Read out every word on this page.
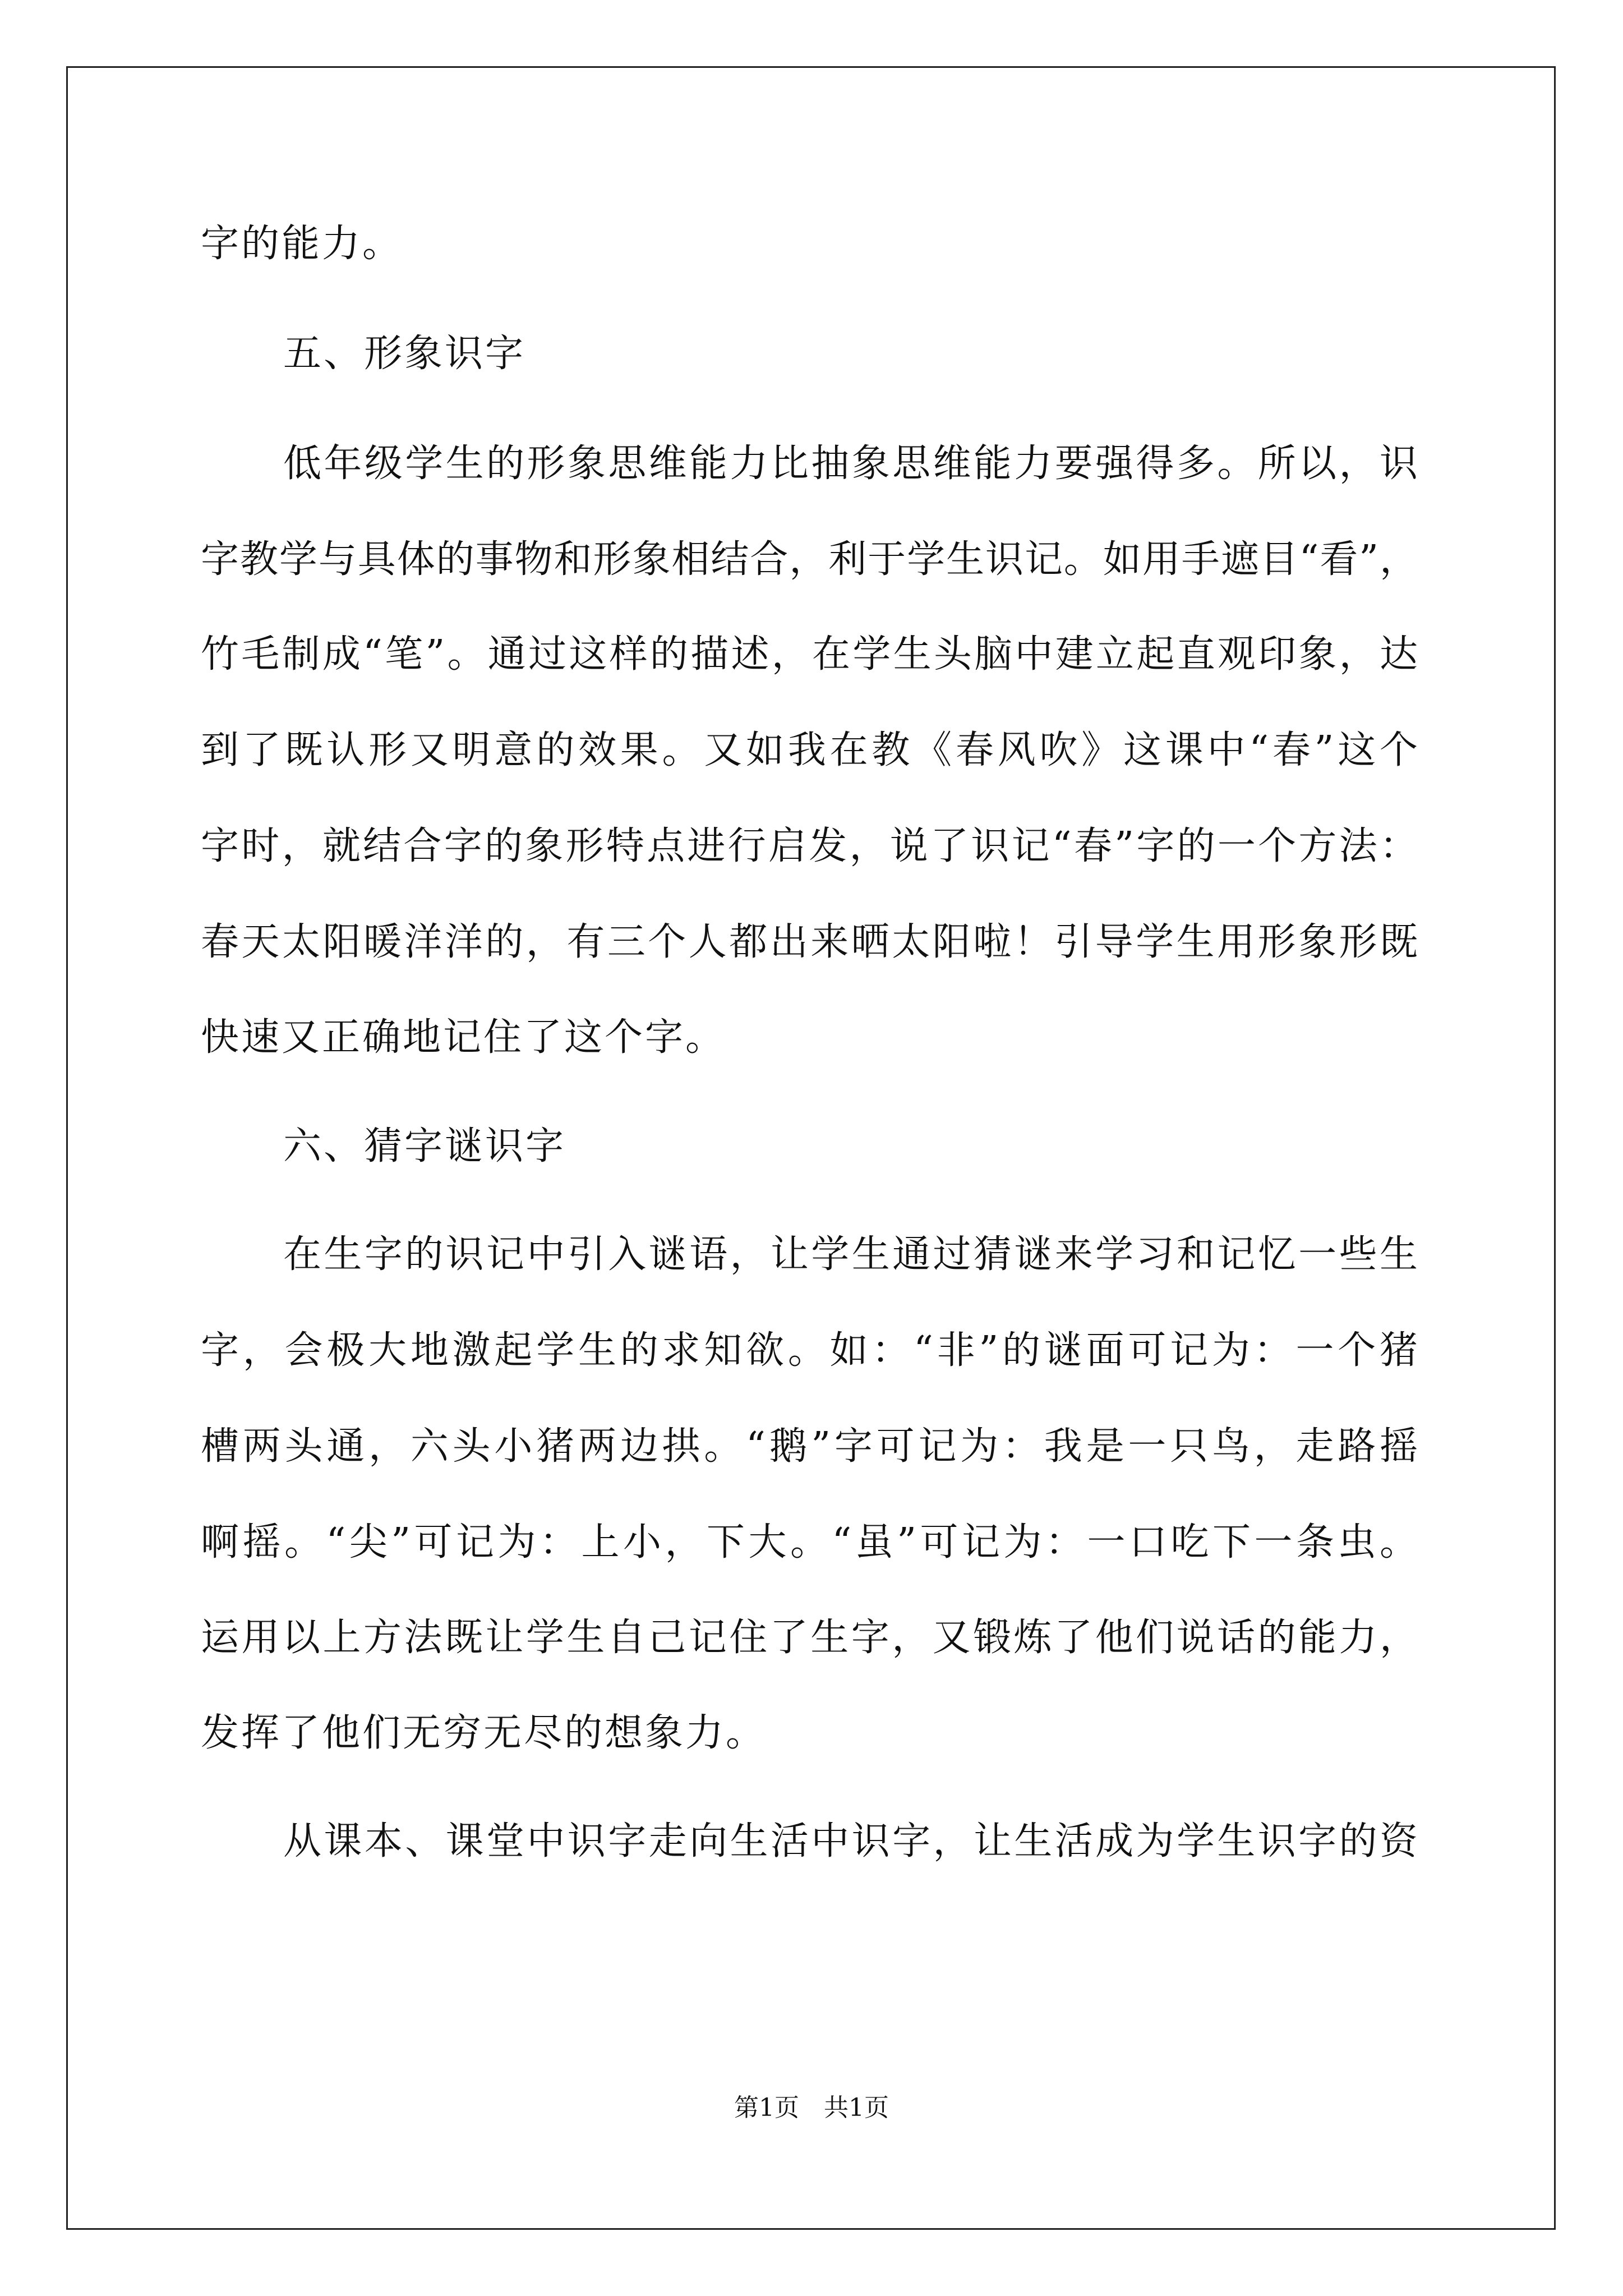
字的能力。
五、形象识字
低年级学生的形象思维能力比抽象思维能力要强得多。所以，识
字教学与具体的事物和形象相结合，利于学生识记。如用手遮目“看”，
竹毛制成“笔”。通过这样的描述，在学生头脑中建立起直观印象，达
到了既认形又明意的效果。又如我在教《春风吹》这课中“春”这个
字时，就结合字的象形特点进行启发，说了识记“春”字的一个方法：
春天太阳暖洋洋的，有三个人都出来晒太阳啦！引导学生用形象形既
快速又正确地记住了这个字。
六、猜字谜识字
在生字的识记中引入谜语，让学生通过猜谜来学习和记忆一些生
字，会极大地激起学生的求知欲。如：“非”的谜面可记为：一个猪
槽两头通，六头小猪两边拱。“鹅”字可记为：我是一只鸟，走路摇
啊摇。“尖”可记为：上小，下大。“虽”可记为：一口吃下一条虫。
运用以上方法既让学生自己记住了生字，又锻炼了他们说话的能力，
发挥了他们无穷无尽的想象力。
从课本、课堂中识字走向生活中识字，让生活成为学生识字的资
第1页　共1页
